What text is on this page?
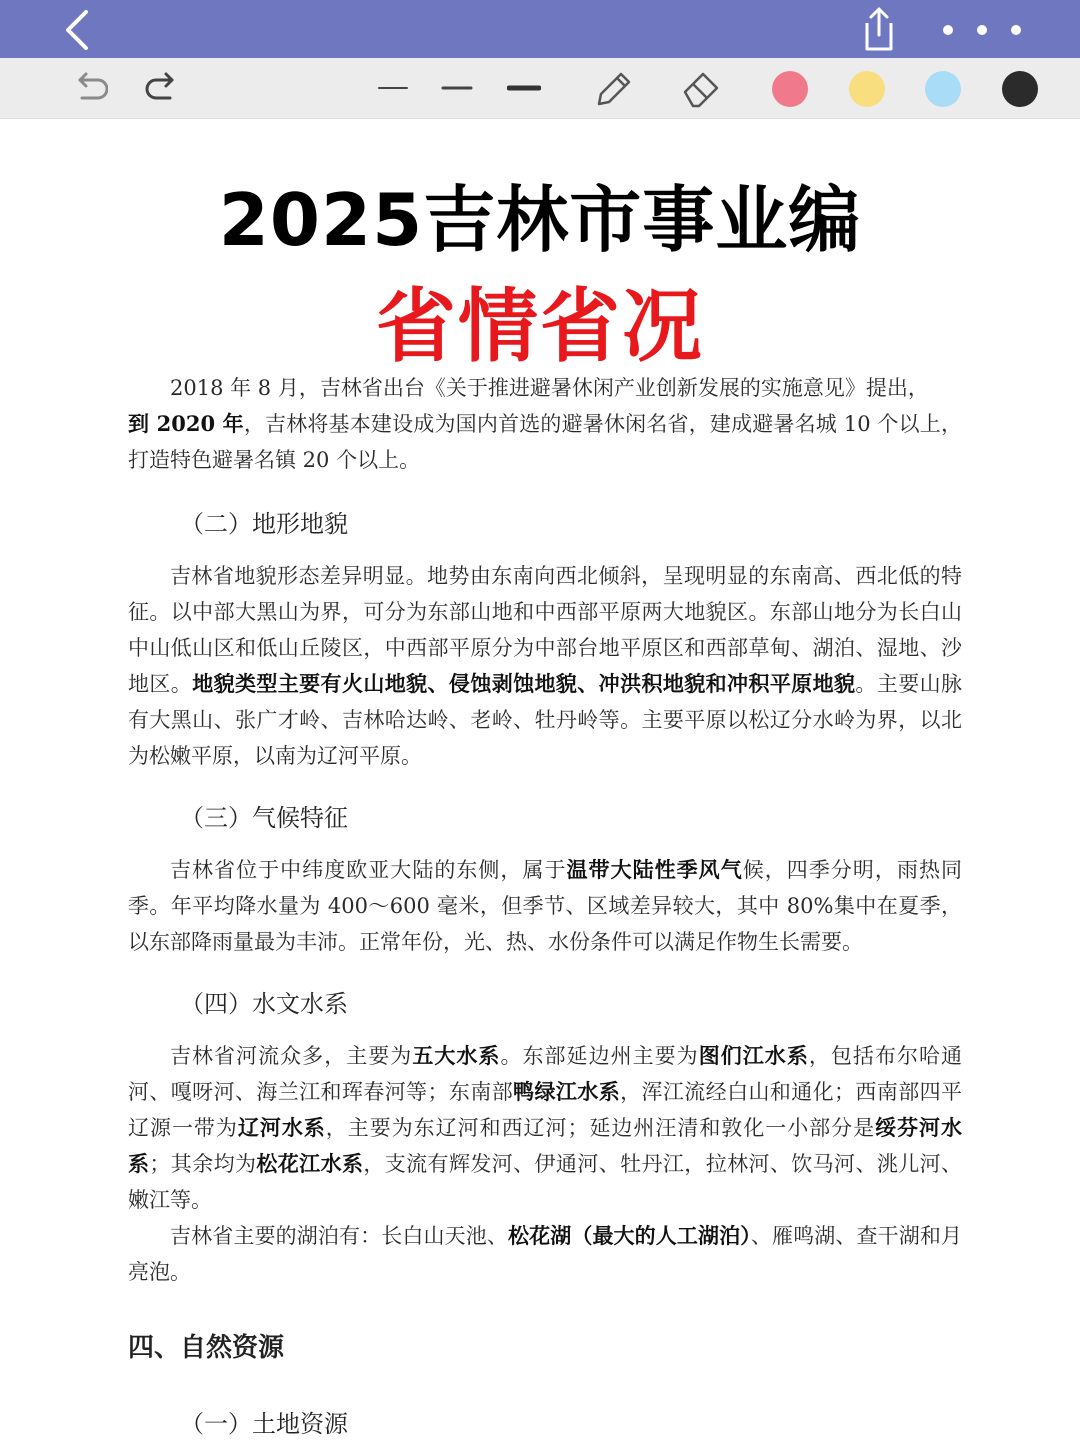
2025吉林市事业编
省情省况

2018 年 8 月，吉林省出台《关于推进避暑休闲产业创新发展的实施意见》提出，
到 2020 年，吉林将基本建设成为国内首选的避暑休闲名省，建成避暑名城 10 个以上，打造特色避暑名镇 20 个以上。

（二）地形地貌

吉林省地貌形态差异明显。地势由东南向西北倾斜，呈现明显的东南高、西北低的特征。以中部大黑山为界，可分为东部山地和中西部平原两大地貌区。东部山地分为长白山中山低山区和低山丘陵区，中西部平原分为中部台地平原区和西部草甸、湖泊、湿地、沙地区。地貌类型主要有火山地貌、侵蚀剥蚀地貌、冲洪积地貌和冲积平原地貌。主要山脉有大黑山、张广才岭、吉林哈达岭、老岭、牡丹岭等。主要平原以松辽分水岭为界，以北为松嫩平原，以南为辽河平原。

（三）气候特征

吉林省位于中纬度欧亚大陆的东侧，属于温带大陆性季风气候，四季分明，雨热同季。年平均降水量为 400～600 毫米，但季节、区域差异较大，其中 80%集中在夏季，以东部降雨量最为丰沛。正常年份，光、热、水份条件可以满足作物生长需要。

（四）水文水系

吉林省河流众多，主要为五大水系。东部延边州主要为图们江水系，包括布尔哈通河、嘎呀河、海兰江和珲春河等；东南部鸭绿江水系，浑江流经白山和通化；西南部四平辽源一带为辽河水系，主要为东辽河和西辽河；延边州汪清和敦化一小部分是绥芬河水系；其余均为松花江水系，支流有辉发河、伊通河、牡丹江，拉林河、饮马河、洮儿河、嫩江等。

吉林省主要的湖泊有：长白山天池、松花湖（最大的人工湖泊）、雁鸣湖、查干湖和月亮泡。

四、自然资源
（一）土地资源
